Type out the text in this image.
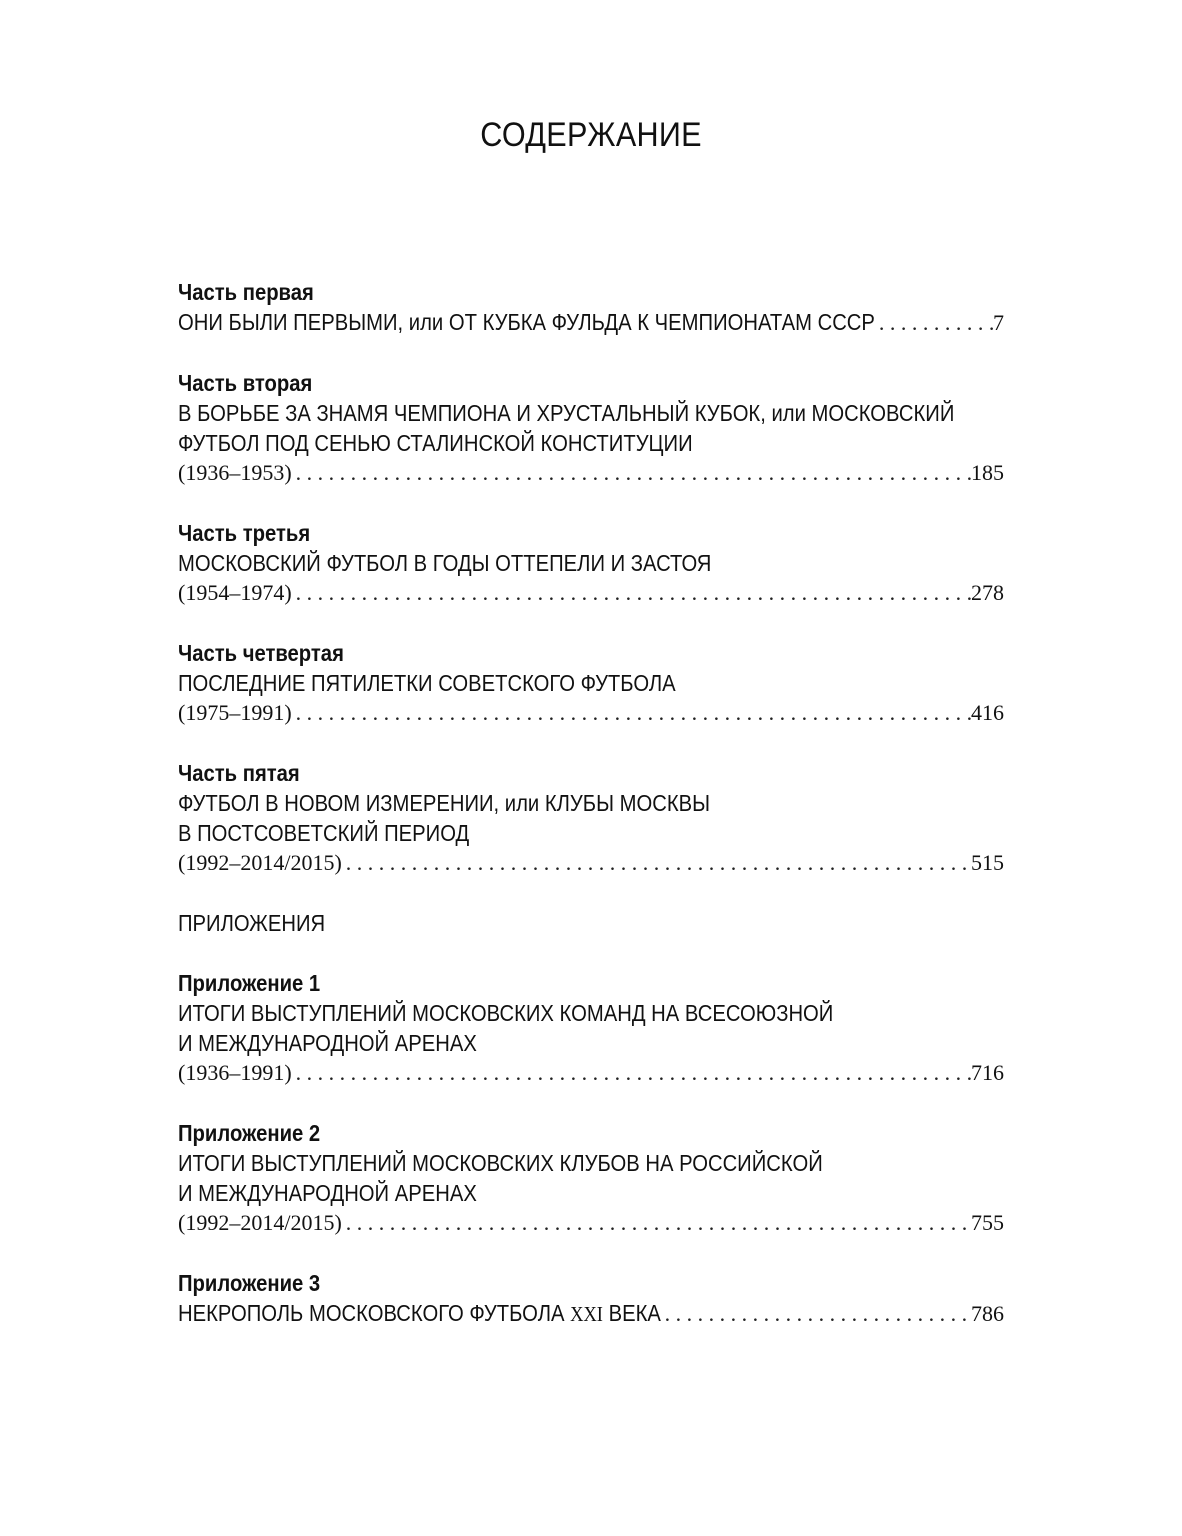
СОДЕРЖАНИЕ
Часть первая
ОНИ БЫЛИ ПЕРВЫМИ, или ОТ КУБКА ФУЛЬДА К ЧЕМПИОНАТАМ СССР . . .	7
Часть вторая
В БОРЬБЕ ЗА ЗНАМЯ ЧЕМПИОНА И ХРУСТАЛЬНЫЙ КУБОК, или МОСКОВСКИЙ
ФУТБОЛ ПОД СЕНЬЮ СТАЛИНСКОЙ КОНСТИТУЦИИ
(1936–1953) . . .	185
Часть третья
МОСКОВСКИЙ ФУТБОЛ В ГОДЫ ОТТЕПЕЛИ И ЗАСТОЯ
(1954–1974) . . .	278
Часть четвертая
ПОСЛЕДНИЕ ПЯТИЛЕТКИ СОВЕТСКОГО ФУТБОЛА
(1975–1991) . . .	416
Часть пятая
ФУТБОЛ В НОВОМ ИЗМЕРЕНИИ, или КЛУБЫ МОСКВЫ
В ПОСТСОВЕТСКИЙ ПЕРИОД
(1992–2014/2015) . . .	515
ПРИЛОЖЕНИЯ
Приложение 1
ИТОГИ ВЫСТУПЛЕНИЙ МОСКОВСКИХ КОМАНД НА ВСЕСОЮЗНОЙ
И МЕЖДУНАРОДНОЙ АРЕНАХ
(1936–1991) . . .	716
Приложение 2
ИТОГИ ВЫСТУПЛЕНИЙ МОСКОВСКИХ КЛУБОВ НА РОССИЙСКОЙ
И МЕЖДУНАРОДНОЙ АРЕНАХ
(1992–2014/2015) . . .	755
Приложение 3
НЕКРОПОЛЬ МОСКОВСКОГО ФУТБОЛА XXI ВЕКА . . .	786
